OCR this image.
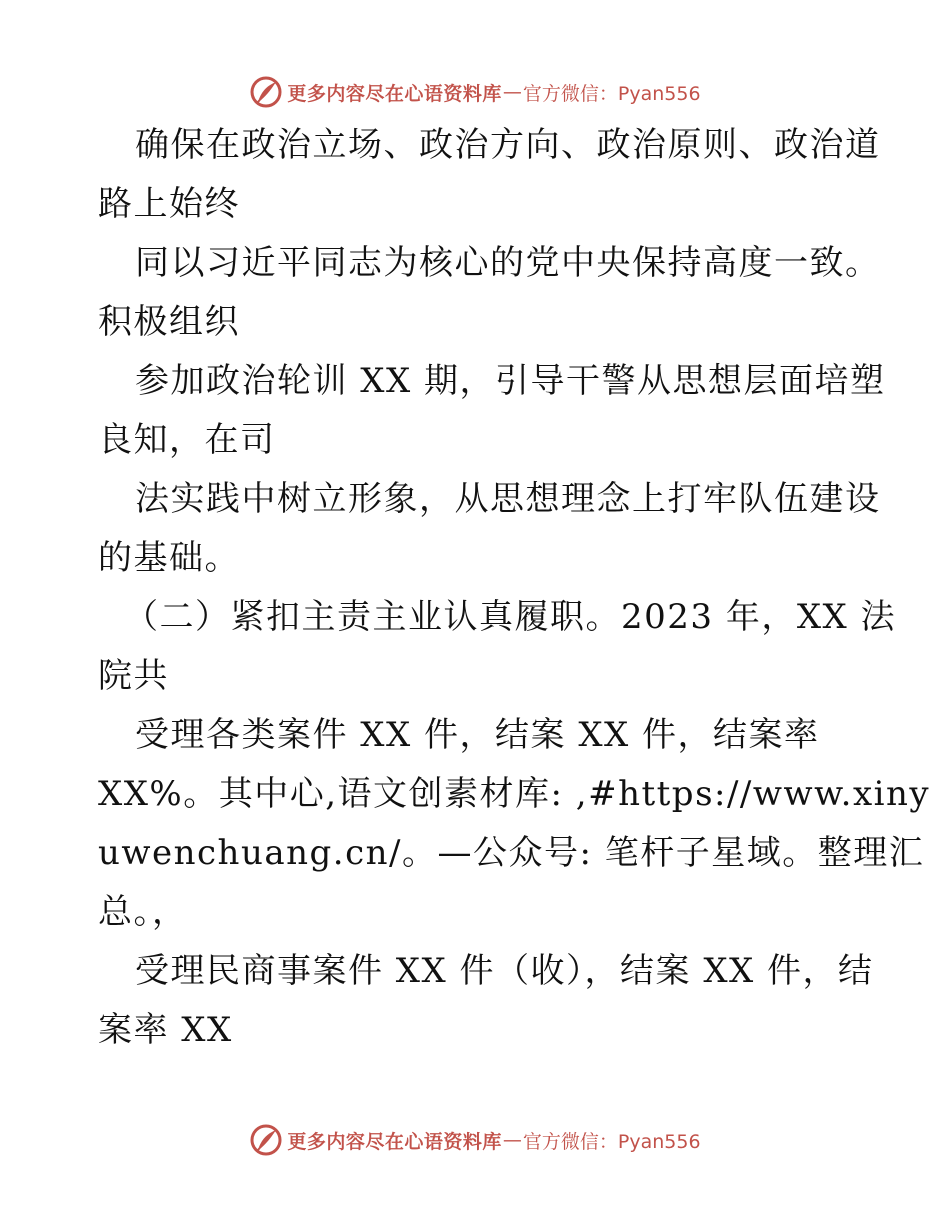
更多内容尽在心语资料库 — 官方微信：Pyan556
确保在政治立场、政治方向、政治原则、政治道
路上始终
同以习近平同志为核心的党中央保持高度一致。
积极组织
参加政治轮训 XX 期，引导干警从思想层面培塑
良知，在司
法实践中树立形象，从思想理念上打牢队伍建设
的基础。
（二）紧扣主责主业认真履职。2023 年，XX 法
院共
受理各类案件 XX 件，结案 XX 件，结案率
XX%。其中心,语文创素材库: ,#https://www.xiny
uwenchuang.cn/。—公众号: 笔杆子星域。整理汇
总。，
受理民商事案件 XX 件（收），结案 XX 件，结
案率 XX
更多内容尽在心语资料库 — 官方微信：Pyan556
